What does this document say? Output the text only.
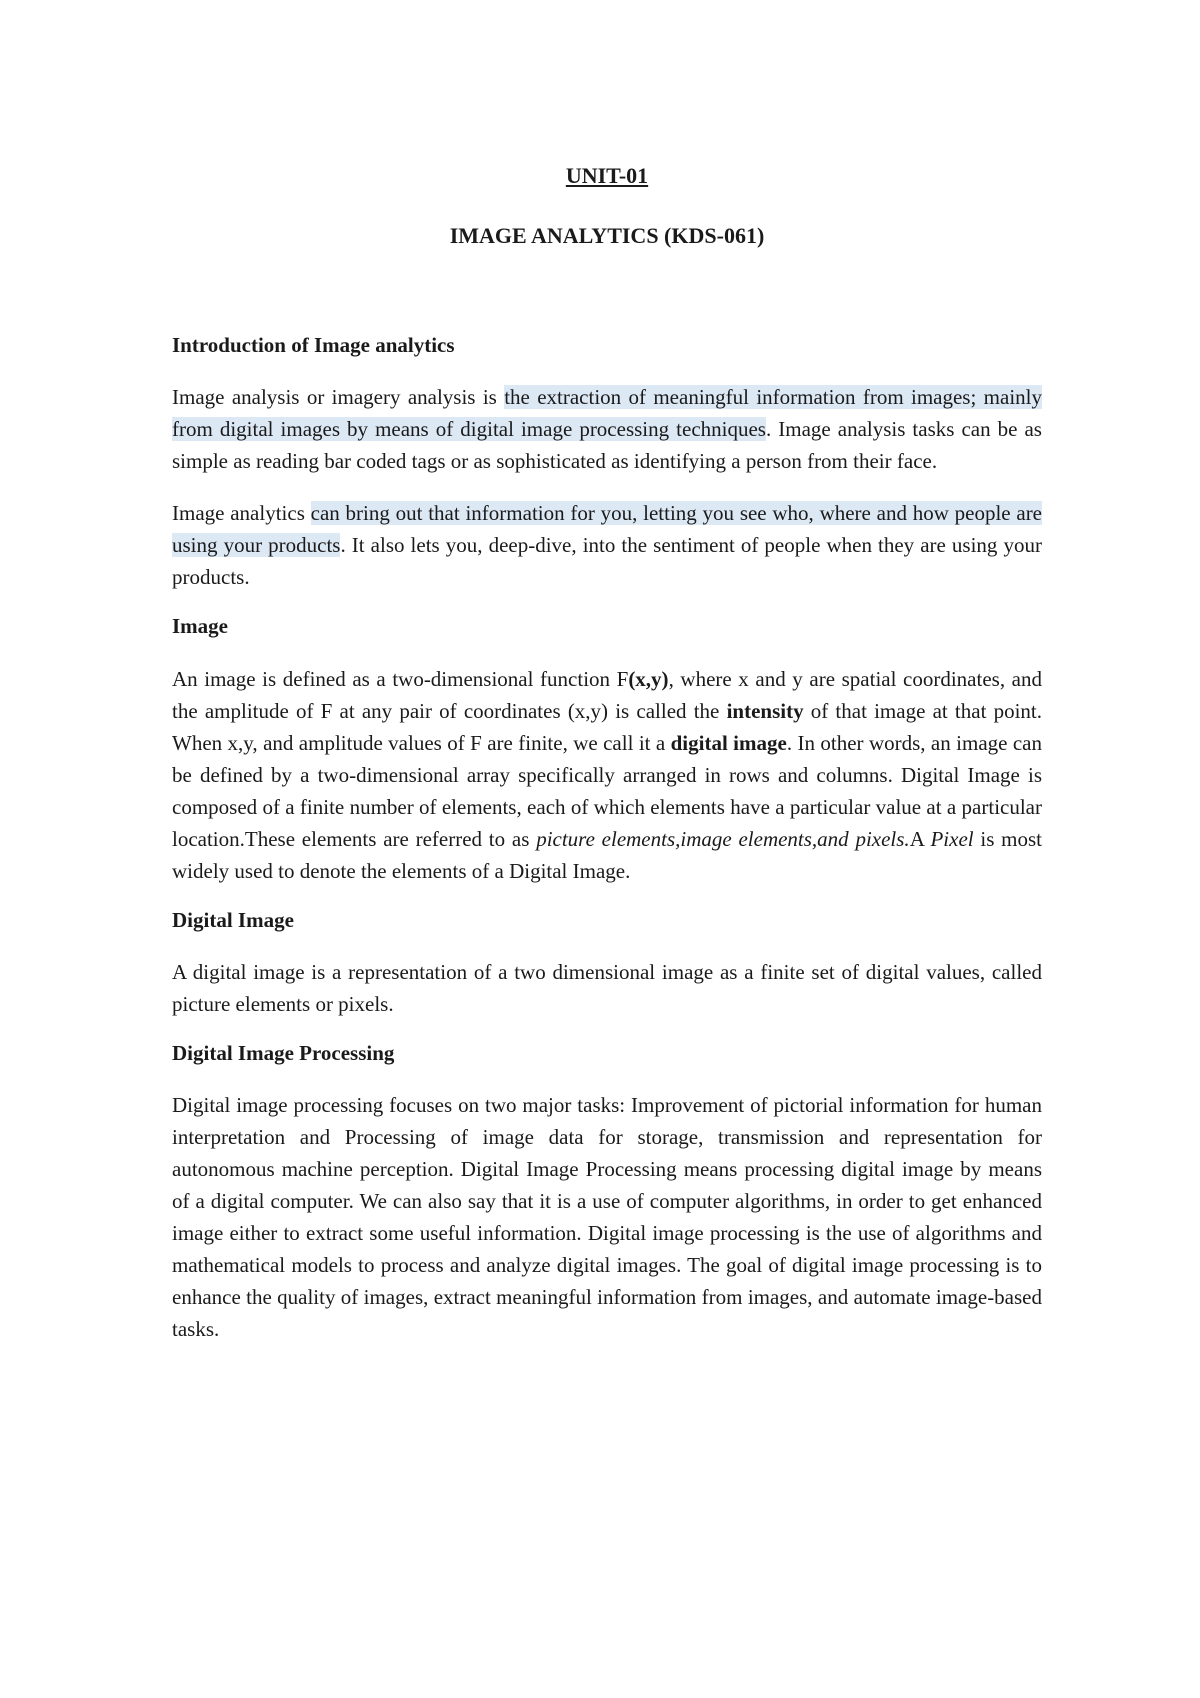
UNIT-01

IMAGE ANALYTICS (KDS-061)

Introduction of Image analytics

Image analysis or imagery analysis is the extraction of meaningful information from images; mainly from digital images by means of digital image processing techniques. Image analysis tasks can be as simple as reading bar coded tags or as sophisticated as identifying a person from their face.

Image analytics can bring out that information for you, letting you see who, where and how people are using your products. It also lets you, deep-dive, into the sentiment of people when they are using your products.

Image

An image is defined as a two-dimensional function F(x,y), where x and y are spatial coordinates, and the amplitude of F at any pair of coordinates (x,y) is called the intensity of that image at that point. When x,y, and amplitude values of F are finite, we call it a digital image. In other words, an image can be defined by a two-dimensional array specifically arranged in rows and columns. Digital Image is composed of a finite number of elements, each of which elements have a particular value at a particular location.These elements are referred to as picture elements,image elements,and pixels.A Pixel is most widely used to denote the elements of a Digital Image.

Digital Image

A digital image is a representation of a two dimensional image as a finite set of digital values, called picture elements or pixels.

Digital Image Processing

Digital image processing focuses on two major tasks: Improvement of pictorial information for human interpretation and Processing of image data for storage, transmission and representation for autonomous machine perception. Digital Image Processing means processing digital image by means of a digital computer. We can also say that it is a use of computer algorithms, in order to get enhanced image either to extract some useful information. Digital image processing is the use of algorithms and mathematical models to process and analyze digital images. The goal of digital image processing is to enhance the quality of images, extract meaningful information from images, and automate image-based tasks.
